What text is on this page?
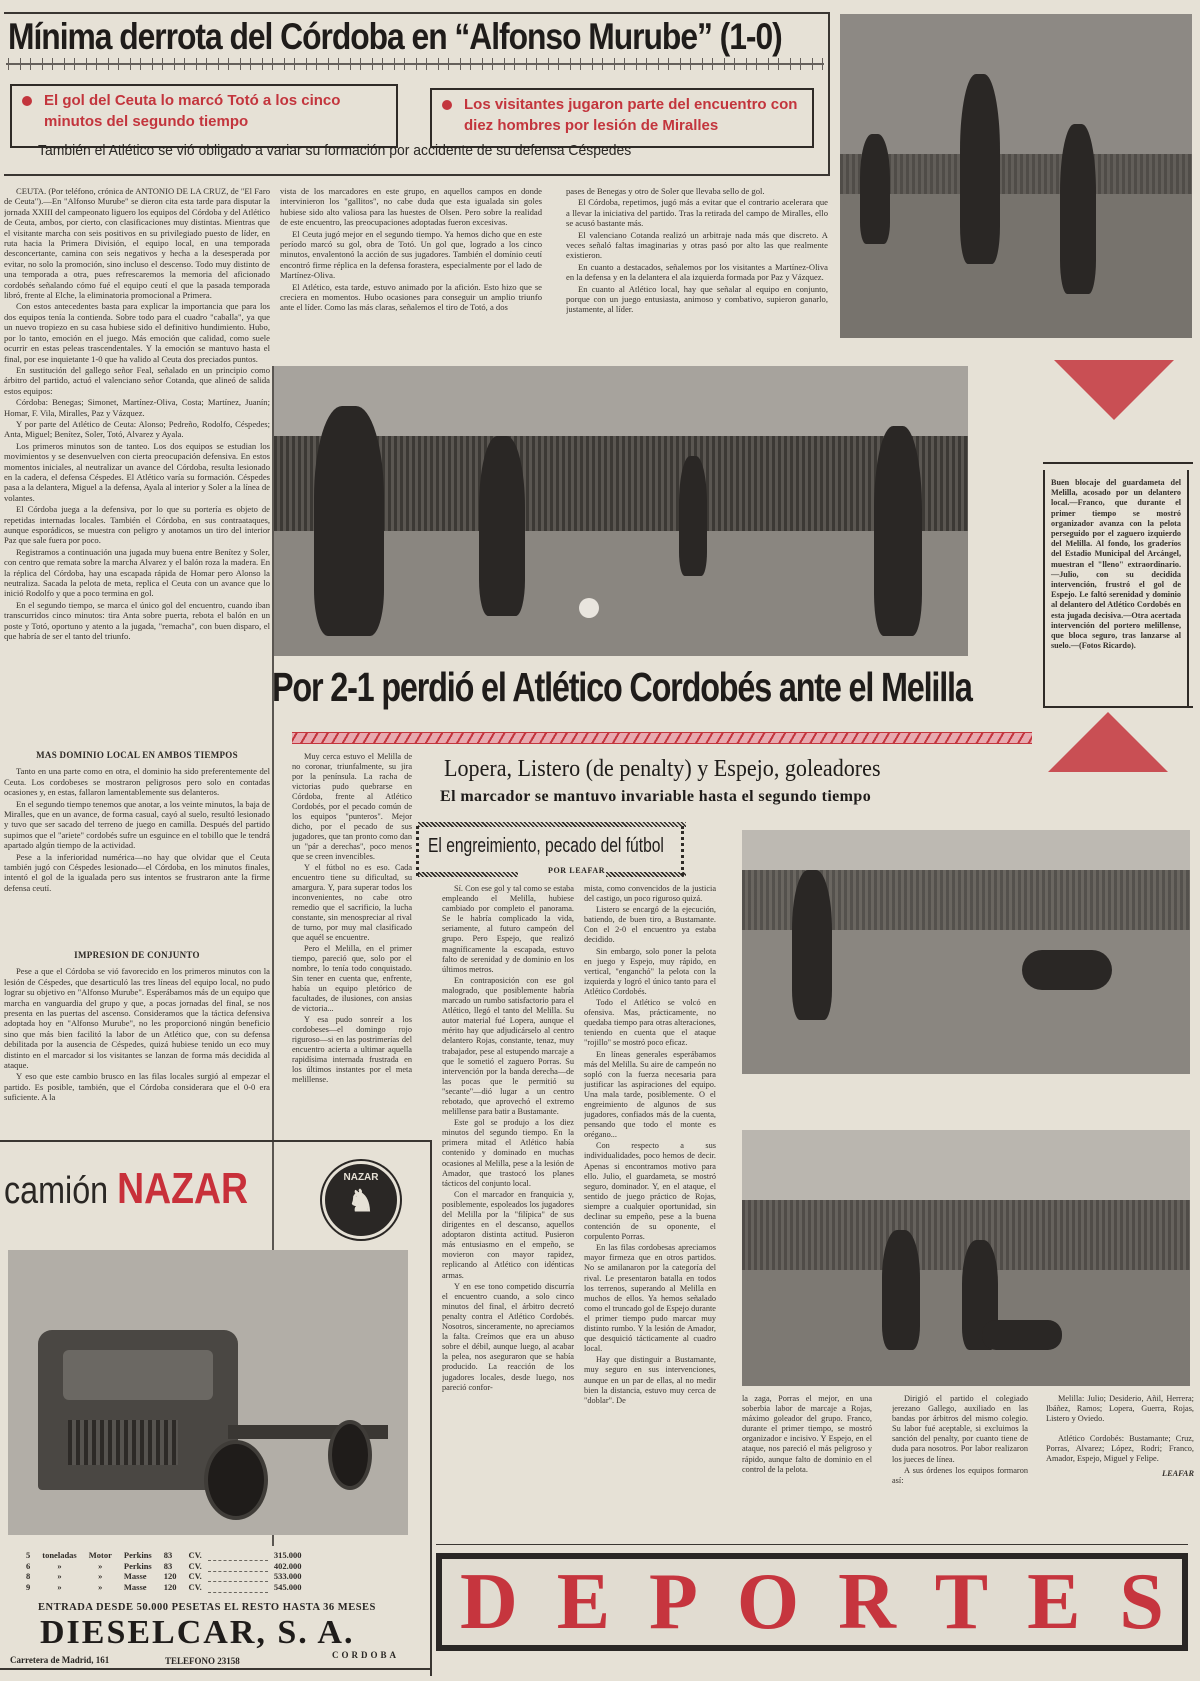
Mínima derrota del Córdoba en “Alfonso Murube” (1-0)
El gol del Ceuta lo marcó Totó a los cinco minutos del segundo tiempo
Los visitantes jugaron parte del encuentro con diez hombres por lesión de Miralles
También el Atlético se vió obligado a variar su formación por accidente de su defensa Céspedes

CEUTA. (Por teléfono, crónica de ANTONIO DE LA CRUZ, de "El Faro de Ceuta").—En "Alfonso Murube" se dieron cita esta tarde para disputar la jornada XXIII del campeonato liguero los equipos del Córdoba y del Atlético de Ceuta, ambos, por cierto, con clasificaciones muy distintas. Mientras que el visitante marcha con seis positivos en su privilegiado puesto de líder, en ruta hacia la Primera División, el equipo local, en una temporada desconcertante, camina con seis negativos y hecha a la desesperada por evitar, no solo la promoción, sino incluso el descenso. Todo muy distinto de una temporada a otra, pues refrescaremos la memoria del aficionado cordobés señalando cómo fué el equipo ceutí el que la pasada temporada libró, frente al Elche, la eliminatoria promocional a Primera.

Con estos antecedentes basta para explicar la importancia que para los dos equipos tenía la contienda. Sobre todo para el cuadro "caballa", ya que un nuevo tropiezo en su casa hubiese sido el definitivo hundimiento. Hubo, por lo tanto, emoción en el juego. Más emoción que calidad, como suele ocurrir en estas peleas trascendentales. Y la emoción se mantuvo hasta el final, por ese inquietante 1-0 que ha valido al Ceuta dos preciados puntos.

En sustitución del gallego señor Feal, señalado en un principio como árbitro del partido, actuó el valenciano señor Cotanda, que alineó de salida estos equipos:

Córdoba: Benegas; Simonet, Martínez-Oliva, Costa; Martínez, Juanín; Homar, F. Vila, Miralles, Paz y Vázquez.

Y por parte del Atlético de Ceuta: Alonso; Pedreño, Rodolfo, Céspedes; Anta, Miguel; Benítez, Soler, Totó, Alvarez y Ayala.

Los primeros minutos son de tanteo. Los dos equipos se estudian los movimientos y se desenvuelven con cierta preocupación defensiva. En estos momentos iniciales, al neutralizar un avance del Córdoba, resulta lesionado en la cadera, el defensa Céspedes. El Atlético varía su formación. Céspedes pasa a la delantera, Miguel a la defensa, Ayala al interior y Soler a la línea de volantes.

El Córdoba juega a la defensiva, por lo que su portería es objeto de repetidas internadas locales. También el Córdoba, en sus contraataques, aunque esporádicos, se muestra con peligro y anotamos un tiro del interior Paz que sale fuera por poco.

Registramos a continuación una jugada muy buena entre Benítez y Soler, con centro que remata sobre la marcha Alvarez y el balón roza la madera. En la réplica del Córdoba, hay una escapada rápida de Homar pero Alonso la neutraliza. Sacada la pelota de meta, replica el Ceuta con un avance que lo inició Rodolfo y que a poco termina en gol.

En el segundo tiempo, se marca el único gol del encuentro, cuando iban transcurridos cinco minutos: tira Anta sobre puerta, rebota el balón en un poste y Totó, oportuno y atento a la jugada, "remacha", con buen disparo, el que habría de ser el tanto del triunfo.

MAS DOMINIO LOCAL EN AMBOS TIEMPOS

Tanto en una parte como en otra, el dominio ha sido preferentemente del Ceuta. Los cordobeses se mostraron peligrosos pero solo en contadas ocasiones y, en estas, fallaron lamentablemente sus delanteros.

En el segundo tiempo tenemos que anotar, a los veinte minutos, la baja de Miralles, que en un avance, de forma casual, cayó al suelo, resultó lesionado y tuvo que ser sacado del terreno de juego en camilla. Después del partido supimos que el "ariete" cordobés sufre un esguince en el tobillo que le tendrá apartado algún tiempo de la actividad.

Pese a la inferioridad numérica—no hay que olvidar que el Ceuta también jugó con Céspedes lesionado—el Córdoba, en los minutos finales, intentó el gol de la igualada pero sus intentos se frustraron ante la firme defensa ceutí.

IMPRESION DE CONJUNTO

Pese a que el Córdoba se vió favorecido en los primeros minutos con la lesión de Céspedes, que desarticuló las tres líneas del equipo local, no pudo lograr su objetivo en "Alfonso Murube". Esperábamos más de un equipo que marcha en vanguardia del grupo y que, a pocas jornadas del final, se nos presenta en las puertas del ascenso. Consideramos que la táctica defensiva adoptada hoy en "Alfonso Murube", no les proporcionó ningún beneficio sino que más bien facilitó la labor de un Atlético que, con su defensa debilitada por la ausencia de Céspedes, quizá hubiese tenido un eco muy distinto en el marcador si los visitantes se lanzan de forma más decidida al ataque.

Y eso que este cambio brusco en las filas locales surgió al empezar el partido. Es posible, también, que el Córdoba considerara que el 0-0 era suficiente. A la

vista de los marcadores en este grupo, en aquellos campos en donde intervinieron los "gallitos", no cabe duda que esta igualada sin goles hubiese sido alto valiosa para las huestes de Olsen. Pero sobre la realidad de este encuentro, las preocupaciones adoptadas fueron excesivas.

El Ceuta jugó mejor en el segundo tiempo. Ya hemos dicho que en este período marcó su gol, obra de Totó. Un gol que, logrado a los cinco minutos, envalentonó la acción de sus jugadores. También el domínio ceutí encontró firme réplica en la defensa forastera, especialmente por el lado de Martínez-Oliva.

El Atlético, esta tarde, estuvo animado por la afición. Esto hizo que se creciera en momentos. Hubo ocasiones para conseguir un amplio triunfo ante el líder. Como las más claras, señalemos el tiro de Totó, a dos

pases de Benegas y otro de Soler que llevaba sello de gol.

El Córdoba, repetimos, jugó más a evitar que el contrario acelerara que a llevar la iniciativa del partido. Tras la retirada del campo de Miralles, ello se acusó bastante más.

El valenciano Cotanda realizó un arbitraje nada más que discreto. A veces señaló faltas imaginarias y otras pasó por alto las que realmente existieron.

En cuanto a destacados, señalemos por los visitantes a Martínez-Oliva en la defensa y en la delantera el ala izquierda formada por Paz y Vázquez.

En cuanto al Atlético local, hay que señalar al equipo en conjunto, porque con un juego entusiasta, animoso y combativo, supieron ganarlo, justamente, al líder.

Buen blocaje del guardameta del Melilla, acosado por un delantero local.—Franco, que durante el primer tiempo se mostró organizador avanza con la pelota perseguido por el zaguero izquierdo del Melilla. Al fondo, los graderíos del Estadio Municipal del Arcángel, muestran el "lleno" extraordinario.—Julio, con su decidida intervención, frustró el gol de Espejo. Le faltó serenidad y dominio al delantero del Atlético Cordobés en esta jugada decisiva.—Otra acertada intervención del portero melillense, que bloca seguro, tras lanzarse al suelo.—(Fotos Ricardo).
Por 2-1 perdió el Atlético Cordobés ante el Melilla

Muy cerca estuvo el Melilla de no coronar, triunfalmente, su jira por la península. La racha de victorias pudo quebrarse en Córdoba, frente al Atlético Cordobés, por el pecado común de los equipos "punteros". Mejor dicho, por el pecado de sus jugadores, que tan pronto como dan un "pár a derechas", poco menos que se creen invencibles.

Y el fútbol no es eso. Cada encuentro tiene su dificultad, su amargura. Y, para superar todos los inconvenientes, no cabe otro remedio que el sacrificio, la lucha constante, sin menospreciar al rival de turno, por muy mal clasificado que aquél se encuentre.

Pero el Melilla, en el primer tiempo, pareció que, solo por el nombre, lo tenía todo conquistado. Sin tener en cuenta que, enfrente, había un equipo pletórico de facultades, de ilusiones, con ansias de victoria...

Y esa pudo sonreír a los cordobeses—el domingo rojo riguroso—si en las postrimerías del encuentro acierta a ultimar aquella rapidísima internada frustrada en los últimos instantes por el meta melillense.

Lopera, Listero (de penalty) y Espejo, goleadores
El marcador se mantuvo invariable hasta el segundo tiempo
El engreimiento, pecado del fútbol
POR LEAFAR

Sí. Con ese gol y tal como se estaba empleando el Melilla, hubiese cambiado por completo el panorama. Se le habría complicado la vida, seriamente, al futuro campeón del grupo. Pero Espejo, que realizó magníficamente la escapada, estuvo falto de serenidad y de dominio en los últimos metros.

En contraposición con ese gol malogrado, que posiblemente habría marcado un rumbo satisfactorio para el Atlético, llegó el tanto del Melilla. Su autor material fué Lopera, aunque el mérito hay que adjudicárselo al centro delantero Rojas, constante, tenaz, muy trabajador, pese al estupendo marcaje a que le sometió el zaguero Porras. Su intervención por la banda derecha—de las pocas que le permitió su "secante"—dió lugar a un centro rebotado, que aprovechó el extremo melillense para batir a Bustamante.

Este gol se produjo a los diez minutos del segundo tiempo. En la primera mitad el Atlético había contenido y dominado en muchas ocasiones al Melilla, pese a la lesión de Amador, que trastocó los planes tácticos del conjunto local.

Con el marcador en franquicia y, posiblemente, espoleados los jugadores del Melilla por la "filípica" de sus dirigentes en el descanso, aquellos adoptaron distinta actitud. Pusieron más entusiasmo en el empeño, se movieron con mayor rapidez, replicando al Atlético con idénticas armas.

Y en ese tono competido discurría el encuentro cuando, a solo cinco minutos del final, el árbitro decretó penalty contra el Atlético Cordobés. Nosotros, sinceramente, no apreciamos la falta. Creímos que era un abuso sobre el débil, aunque luego, al acabar la pelea, nos aseguraron que se había producido. La reacción de los jugadores locales, desde luego, nos pareció confor-

mista, como convencidos de la justicia del castigo, un poco riguroso quizá.

Listero se encargó de la ejecución, batiendo, de buen tiro, a Bustamante. Con el 2-0 el encuentro ya estaba decidido.

Sin embargo, solo poner la pelota en juego y Espejo, muy rápido, en vertical, "enganchó" la pelota con la izquierda y logró el único tanto para el Atlético Cordobés.

Todo el Atlético se volcó en ofensiva. Mas, prácticamente, no quedaba tiempo para otras alteraciones, teniendo en cuenta que el ataque "rojillo" se mostró poco eficaz.

En líneas generales esperábamos más del Melilla. Su aire de campeón no sopló con la fuerza necesaria para justificar las aspiraciones del equipo. Una mala tarde, posiblemente. O el engreimiento de algunos de sus jugadores, confiados más de la cuenta, pensando que todo el monte es orégano...

Con respecto a sus individualidades, poco hemos de decir. Apenas si encontramos motivo para ello. Julio, el guardameta, se mostró seguro, dominador. Y, en el ataque, el sentido de juego práctico de Rojas, siempre a cualquier oportunidad, sin declinar su empeño, pese a la buena contención de su oponente, el corpulento Porras.

En las filas cordobesas apreciamos mayor firmeza que en otros partidos. No se amilanaron por la categoría del rival. Le presentaron batalla en todos los terrenos, superando al Melilla en muchos de ellos. Ya hemos señalado como el truncado gol de Espejo durante el primer tiempo pudo marcar muy distinto rumbo. Y la lesión de Amador, que desquició tácticamente al cuadro local.

Hay que distinguir a Bustamante, muy seguro en sus intervenciones, aunque en un par de ellas, al no medir bien la distancia, estuvo muy cerca de "doblar". De	la zaga, Porras el mejor, en una soberbia labor de marcaje a Rojas, máximo goleador del grupo. Franco, durante el primer tiempo, se mostró organizador e incisivo. Y Espejo, en el ataque, nos pareció el más peligroso y rápido, aunque falto de dominio en el control de la pelota.

Dirigió el partido el colegiado jerezano Gallego, auxiliado en las bandas por árbitros del mismo colegio. Su labor fué aceptable, si excluimos la sanción del penalty, por cuanto tiene de duda para nosotros. Por labor realizaron los jueces de línea.

A sus órdenes los equipos formaron así:

Melilla: Julio; Desiderio, Añil, Herrera; Ibáñez, Ramos; Lopera, Guerra, Rojas, Listero y Oviedo.

Atlético Cordobés: Bustamante; Cruz, Porras, Alvarez; López, Rodri; Franco, Amador, Espejo, Miguel y Felipe.

LEAFAR

camión NAZAR	NAZAR
♞
5	toneladas	Motor	Perkins	83	CV.		315.000
6	»	»	Perkins	83	CV.		402.000
8	»	»	Masse	120	CV.		533.000
9	»	»	Masse	120	CV.		545.000
ENTRADA DESDE 50.000 PESETAS EL RESTO HASTA 36 MESES
DIESELCAR, S. A.
Carretera de Madrid, 161	TELEFONO 23158
CORDOBA
D E P O R T E S
